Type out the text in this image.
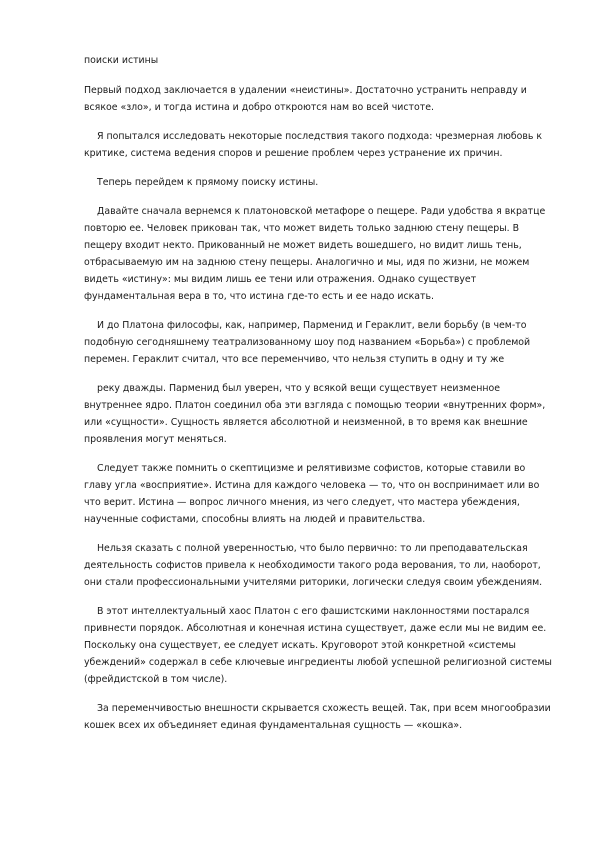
поиски истины

Первый подход заключается в удалении «неистины». Достаточно устранить неправду и всякое «зло», и тогда истина и добро откроются нам во всей чистоте.

Я попытался исследовать некоторые последствия такого подхода: чрезмерная любовь к критике, система ведения споров и решение проблем через устранение их причин.

Теперь перейдем к прямому поиску истины.

Давайте сначала вернемся к платоновской метафоре о пещере. Ради удобства я вкратце повторю ее. Человек прикован так, что может видеть только заднюю стену пещеры. В пещеру входит некто. Прикованный не может видеть вошедшего, но видит лишь тень, отбрасываемую им на заднюю стену пещеры. Аналогично и мы, идя по жизни, не можем видеть «истину»: мы видим лишь ее тени или отражения. Однако существует фундаментальная вера в то, что истина где-то есть и ее надо искать.

И до Платона философы, как, например, Парменид и Гераклит, вели борьбу (в чем-то подобную сегодняшнему театрализованному шоу под названием «Борьба») с проблемой перемен. Гераклит считал, что все переменчиво, что нельзя ступить в одну и ту же

реку дважды. Парменид был уверен, что у всякой вещи существует неизменное внутреннее ядро. Платон соединил оба эти взгляда с помощью теории «внутренних форм», или «сущности». Сущность является абсолютной и неизменной, в то время как внешние проявления могут меняться.

Следует также помнить о скептицизме и релятивизме софистов, которые ставили во главу угла «восприятие». Истина для каждого человека — то, что он воспринимает или во что верит. Истина — вопрос личного мнения, из чего следует, что мастера убеждения, наученные софистами, способны влиять на людей и правительства.

Нельзя сказать с полной уверенностью, что было первично: то ли преподавательская деятельность софистов привела к необходимости такого рода верования, то ли, наоборот, они стали профессиональными учителями риторики, логически следуя своим убеждениям.

В этот интеллектуальный хаос Платон с его фашистскими наклонностями постарался привнести порядок. Абсолютная и конечная истина существует, даже если мы не видим ее. Поскольку она существует, ее следует искать. Круговорот этой конкретной «системы убеждений» содержал в себе ключевые ингредиенты любой успешной религиозной системы (фрейдистской в том числе).

За переменчивостью внешности скрывается схожесть вещей. Так, при всем многообразии кошек всех их объединяет единая фундаментальная сущность — «кошка».
